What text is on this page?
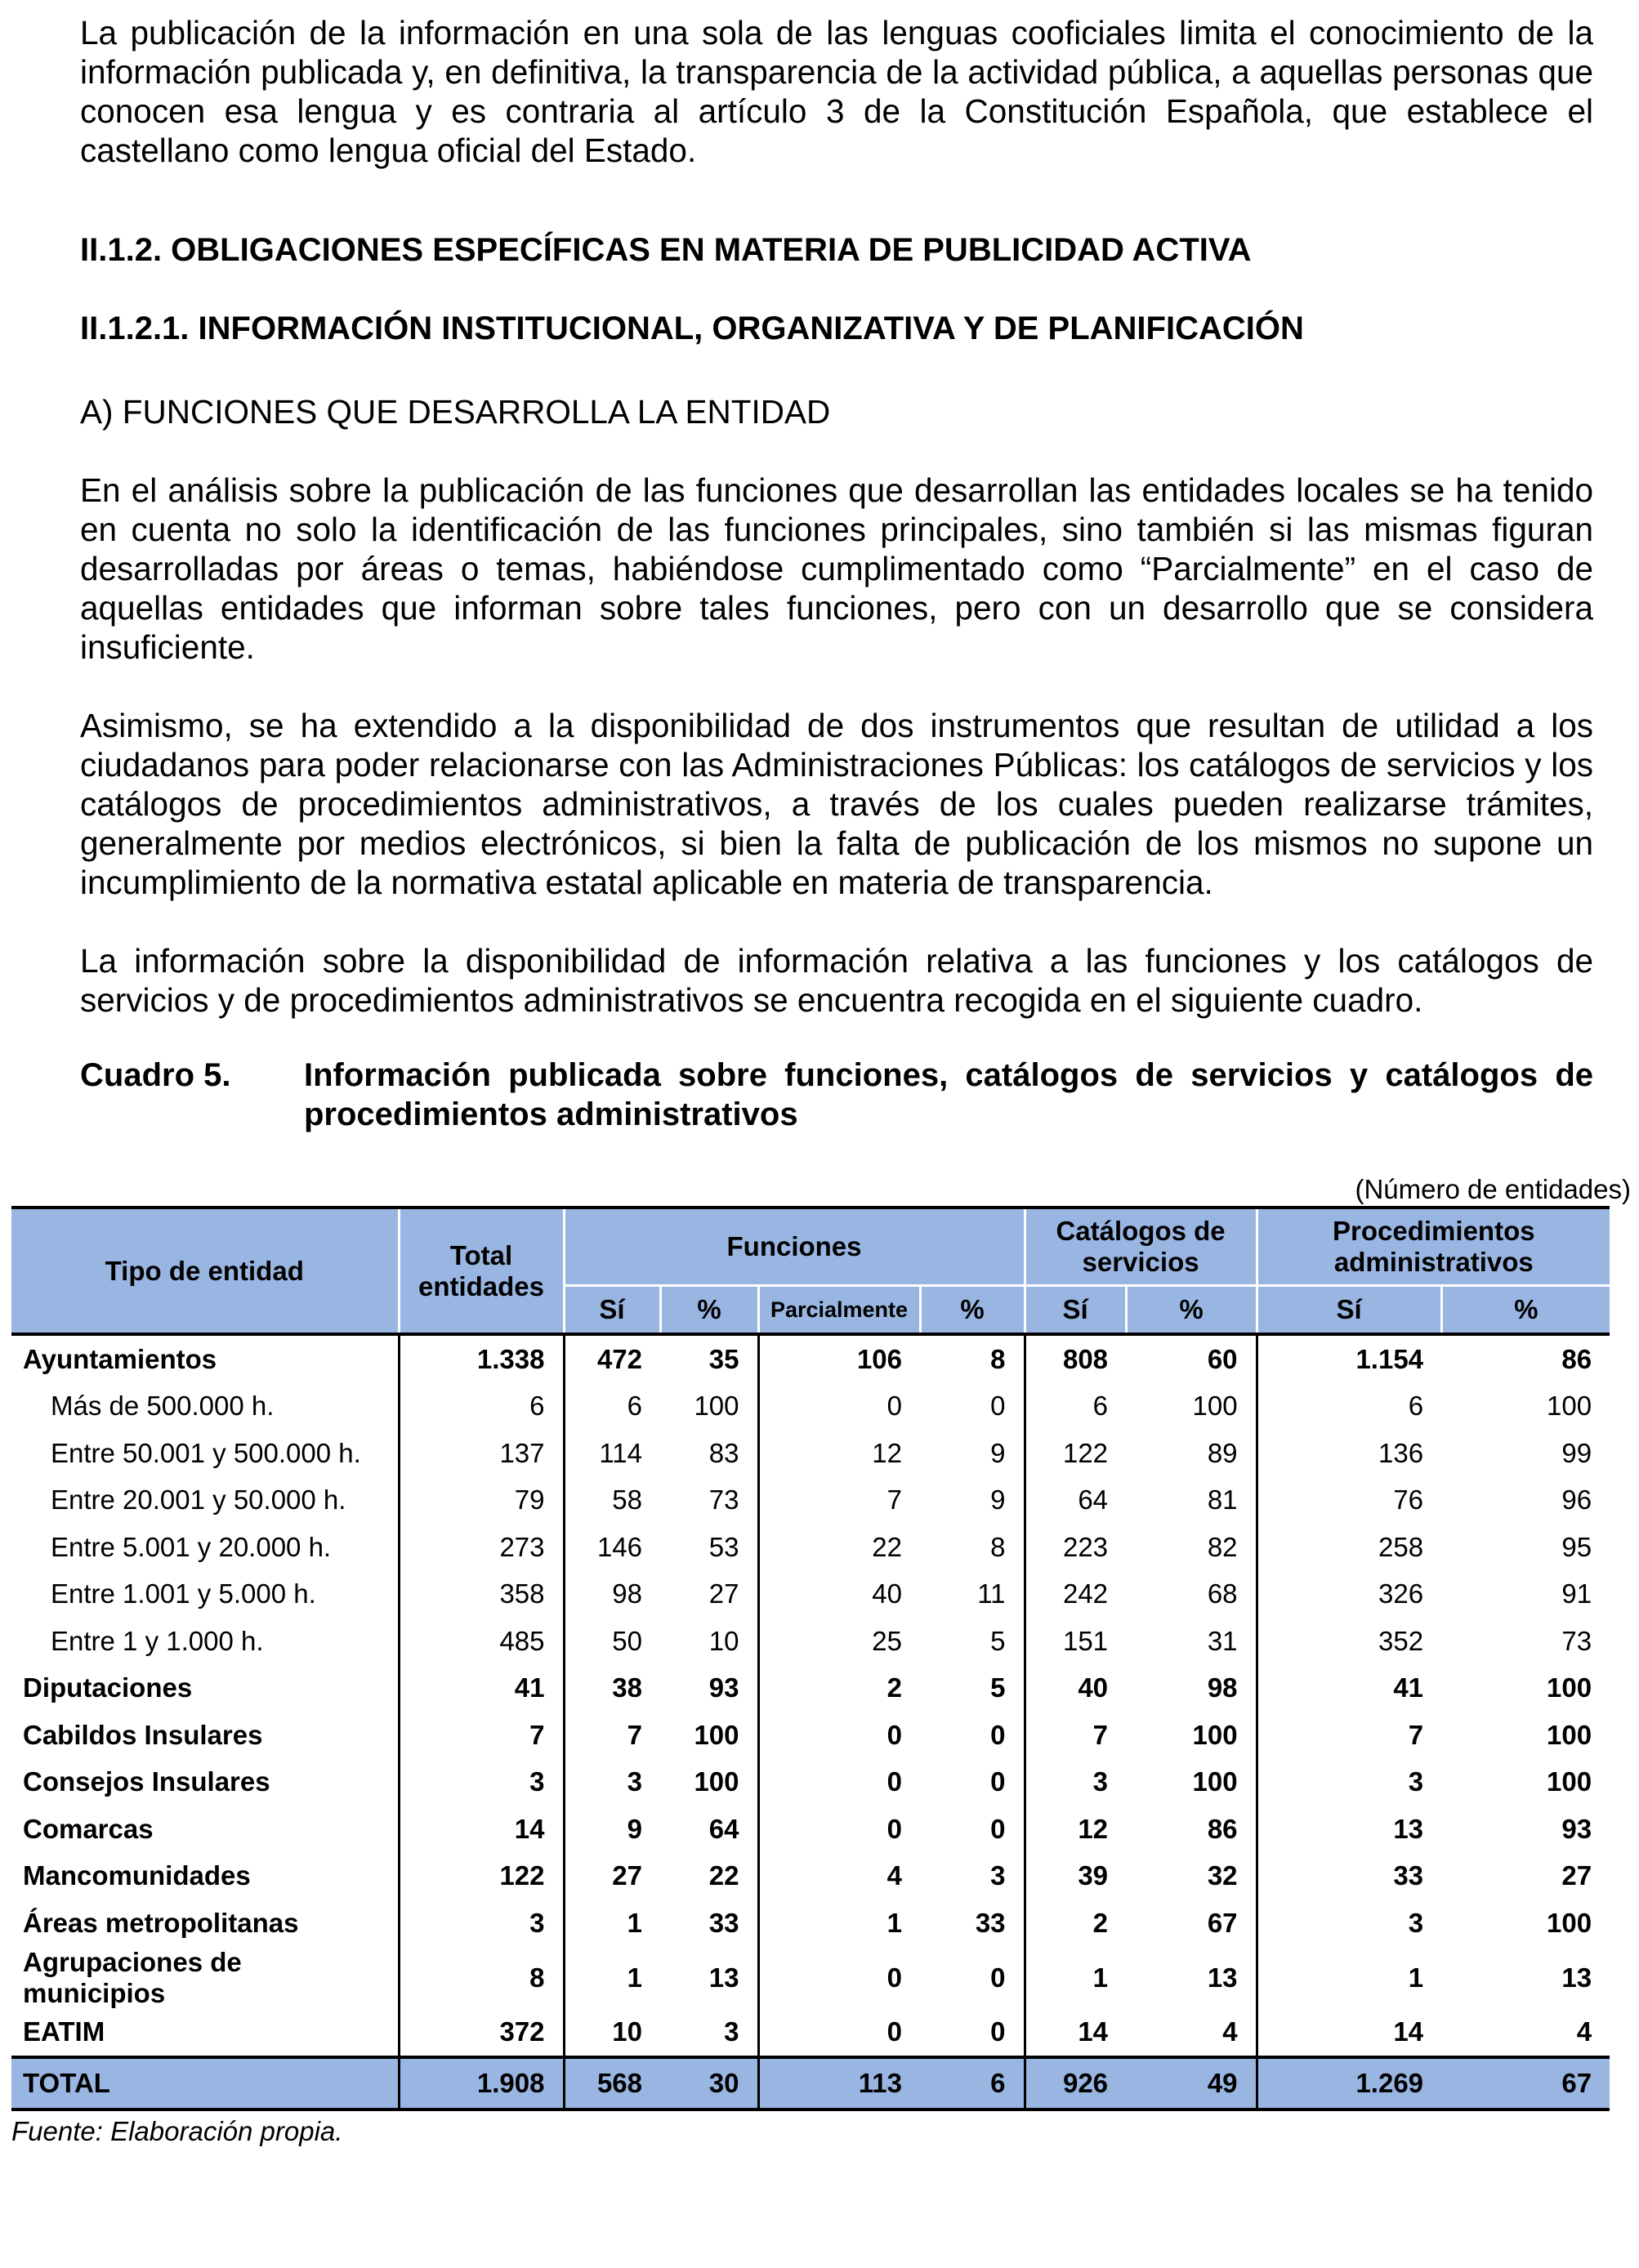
La publicación de la información en una sola de las lenguas cooficiales limita el conocimiento de la información publicada y, en definitiva, la transparencia de la actividad pública, a aquellas personas que conocen esa lengua y es contraria al artículo 3 de la Constitución Española, que establece el castellano como lengua oficial del Estado.
II.1.2. OBLIGACIONES ESPECÍFICAS EN MATERIA DE PUBLICIDAD ACTIVA
II.1.2.1. INFORMACIÓN INSTITUCIONAL, ORGANIZATIVA Y DE PLANIFICACIÓN
A) FUNCIONES QUE DESARROLLA LA ENTIDAD
En el análisis sobre la publicación de las funciones que desarrollan las entidades locales se ha tenido en cuenta no solo la identificación de las funciones principales, sino también si las mismas figuran desarrolladas por áreas o temas, habiéndose cumplimentado como “Parcialmente” en el caso de aquellas entidades que informan sobre tales funciones, pero con un desarrollo que se considera insuficiente.
Asimismo, se ha extendido a la disponibilidad de dos instrumentos que resultan de utilidad a los ciudadanos para poder relacionarse con las Administraciones Públicas: los catálogos de servicios y los catálogos de procedimientos administrativos, a través de los cuales pueden realizarse trámites, generalmente por medios electrónicos, si bien la falta de publicación de los mismos no supone un incumplimiento de la normativa estatal aplicable en materia de transparencia.
La información sobre la disponibilidad de información relativa a las funciones y los catálogos de servicios y de procedimientos administrativos se encuentra recogida en el siguiente cuadro.
Cuadro 5. Información publicada sobre funciones, catálogos de servicios y catálogos de procedimientos administrativos
(Número de entidades)
Tipo de entidad	Total entidades	Funciones				Catálogos de servicios		Procedimientos administrativos	
		Sí	%	Parcialmente	%	Sí	%	Sí	%
Ayuntamientos	1.338	472	35	106	8	808	60	1.154	86
Más de 500.000 h.	6	6	100	0	0	6	100	6	100
Entre 50.001 y 500.000 h.	137	114	83	12	9	122	89	136	99
Entre 20.001 y 50.000 h.	79	58	73	7	9	64	81	76	96
Entre 5.001 y 20.000 h.	273	146	53	22	8	223	82	258	95
Entre 1.001 y 5.000 h.	358	98	27	40	11	242	68	326	91
Entre 1 y 1.000 h.	485	50	10	25	5	151	31	352	73
Diputaciones	41	38	93	2	5	40	98	41	100
Cabildos Insulares	7	7	100	0	0	7	100	7	100
Consejos Insulares	3	3	100	0	0	3	100	3	100
Comarcas	14	9	64	0	0	12	86	13	93
Mancomunidades	122	27	22	4	3	39	32	33	27
Áreas metropolitanas	3	1	33	1	33	2	67	3	100
Agrupaciones de municipios	8	1	13	0	0	1	13	1	13
EATIM	372	10	3	0	0	14	4	14	4
TOTAL	1.908	568	30	113	6	926	49	1.269	67
Fuente: Elaboración propia.
